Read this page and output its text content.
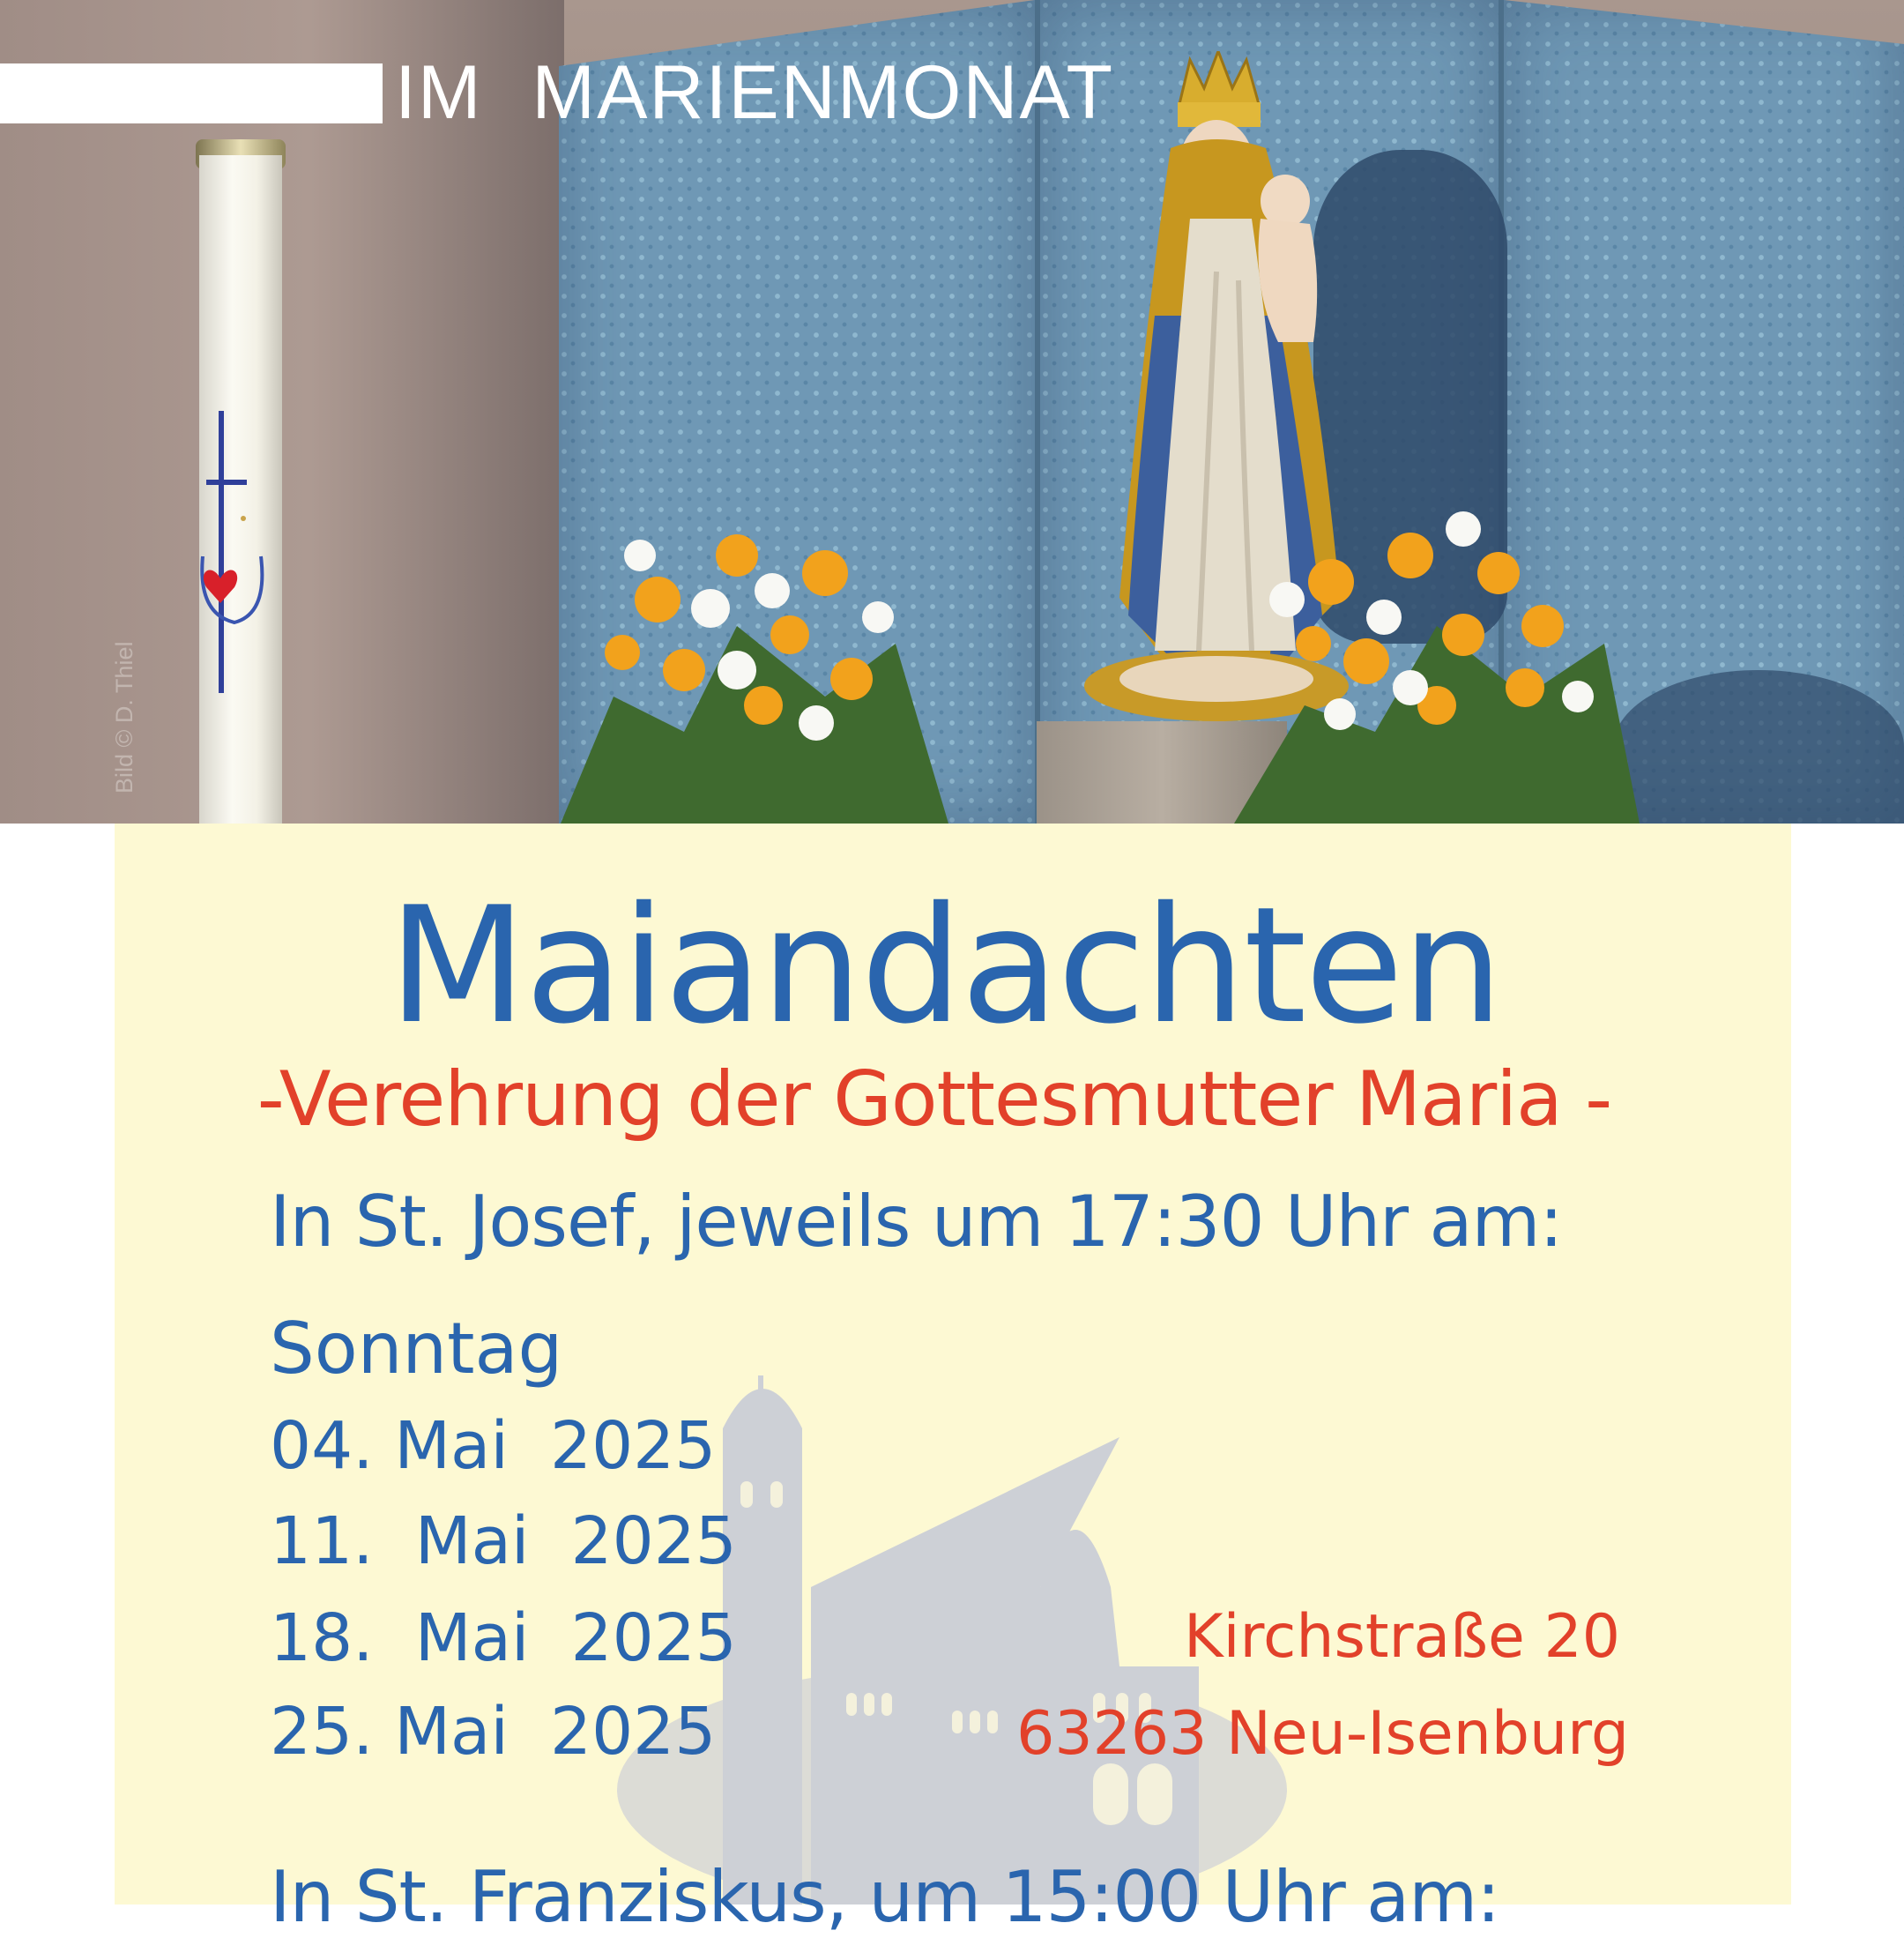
IM MARIENMONAT
Bild © D. Thiel
Maiandachten
-Verehrung der Gottesmutter Maria -

In St. Josef, jeweils um 17:30 Uhr am:

Sonntag

04. Mai  2025

11.  Mai  2025

18.  Mai  2025

25. Mai  2025

Kirchstraße 20

63263 Neu-Isenburg

In St. Franziskus, um 15:00 Uhr am:
